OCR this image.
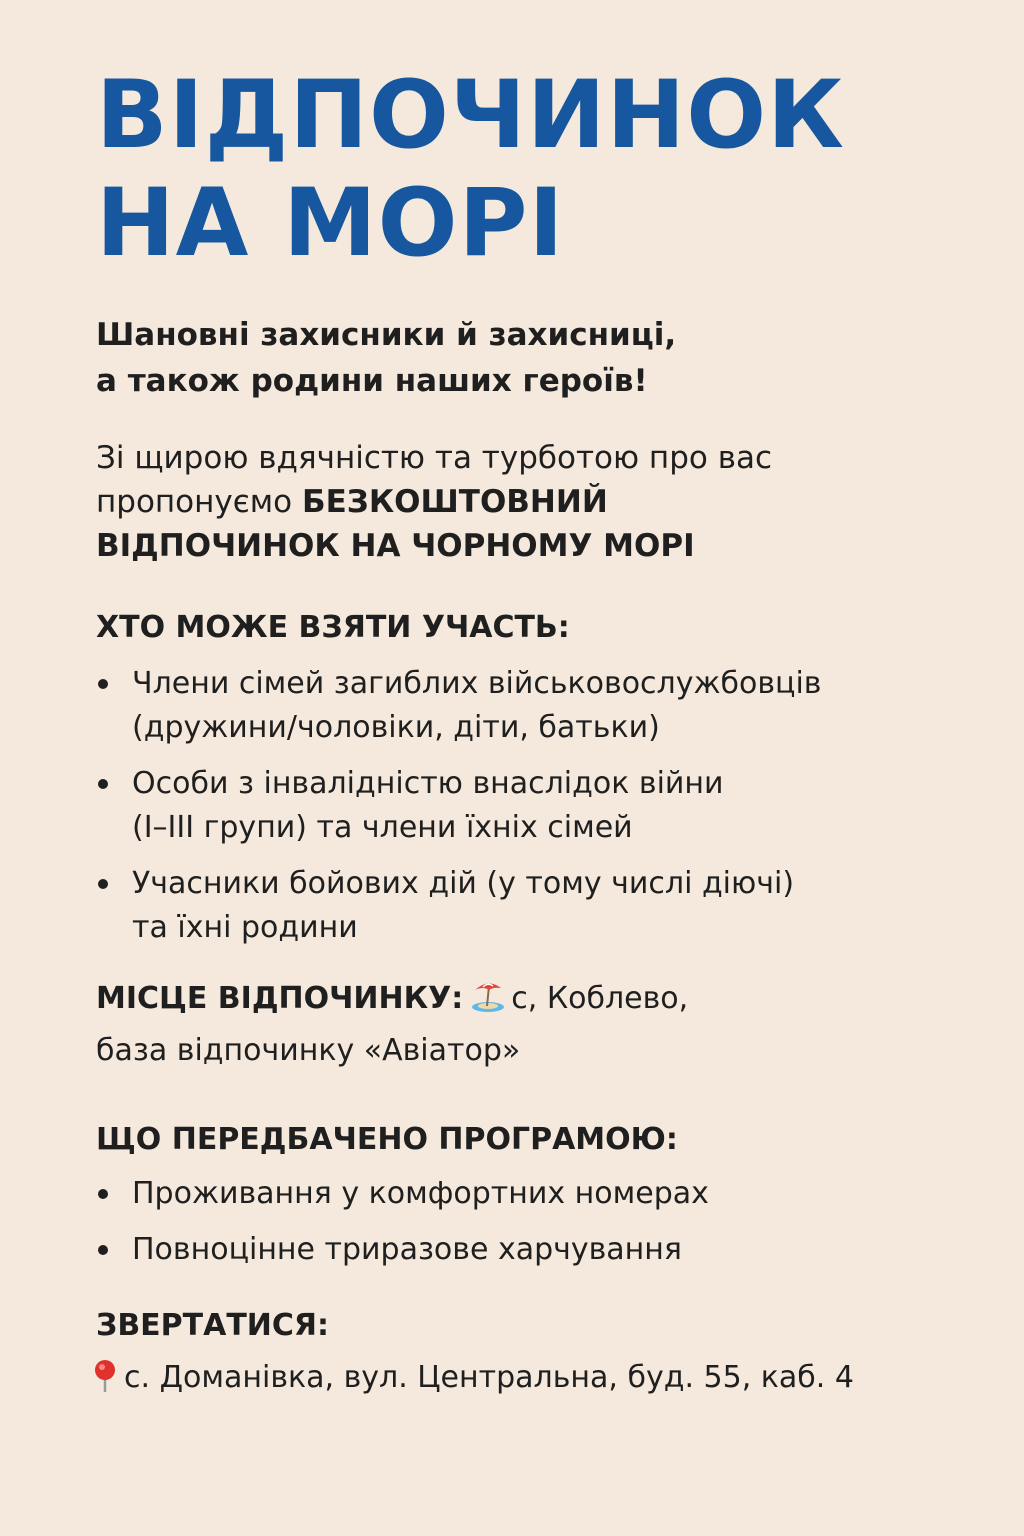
ВІДПОЧИНОК
НА МОРІ

Шановні захисники й захисниці,
а також родини наших героїв!

Зі щирою вдячністю та турботою про вас
пропонуємо БЕЗКОШТОВНИЙ
ВІДПОЧИНОК НА ЧОРНОМУ МОРІ

ХТО МОЖЕ ВЗЯТИ УЧАСТЬ:
Члени сімей загиблих військовослужбовців
(дружини/чоловіки, діти, батьки)
Особи з інвалідністю внаслідок війни
(І–ІІІ групи) та члени їхніх сімей
Учасники бойових дій (у тому числі діючі)
та їхні родини

МІСЦЕ ВІДПОЧИНКУ: с, Коблево,
база відпочинку «Авіатор»

ЩО ПЕРЕДБАЧЕНО ПРОГРАМОЮ:
Проживання у комфортних номерах
Повноцінне триразове харчування
ЗВЕРТАТИСЯ:

с. Доманівка, вул. Центральна, буд. 55, каб. 4
